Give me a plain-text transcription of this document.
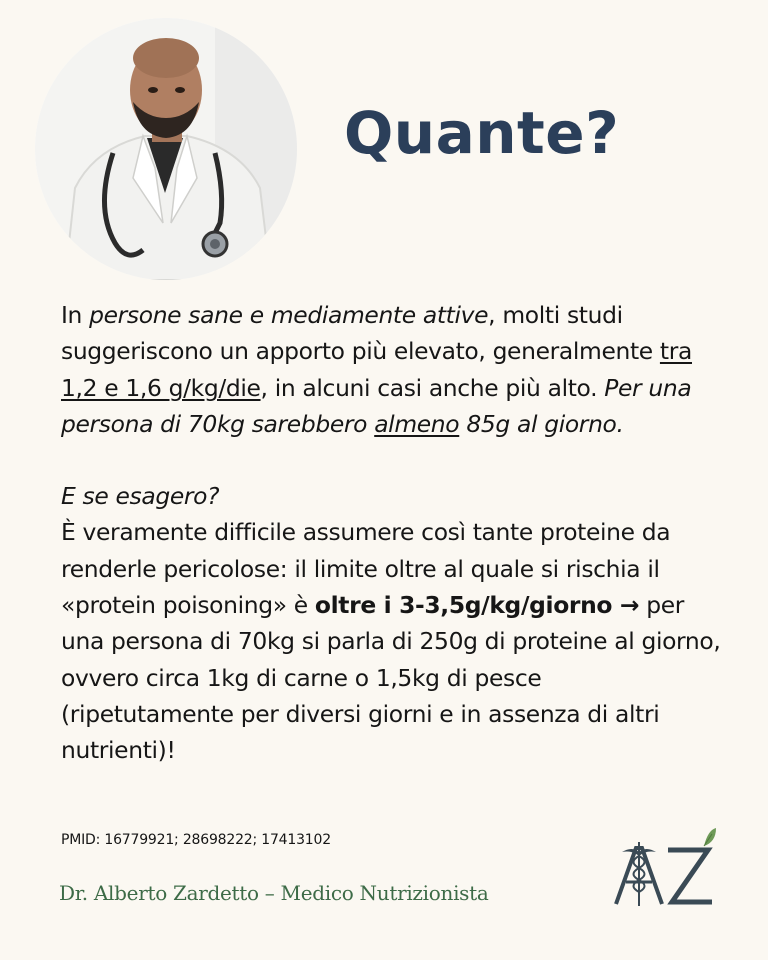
Quante?

In persone sane e mediamente attive, molti studi suggeriscono un apporto più elevato, generalmente tra 1,2 e 1,6 g/kg/die, in alcuni casi anche più alto. Per una persona di 70kg sarebbero almeno 85g al giorno.

E se esagero?

È veramente difficile assumere così tante proteine da renderle pericolose: il limite oltre al quale si rischia il «protein poisoning» è oltre i 3-3,5g/kg/giorno → per una persona di 70kg si parla di 250g di proteine al giorno, ovvero circa 1kg di carne o 1,5kg di pesce (ripetutamente per diversi giorni e in assenza di altri nutrienti)!

PMID: 16779921; 28698222; 17413102
Dr. Alberto Zardetto – Medico Nutrizionista
AZ
